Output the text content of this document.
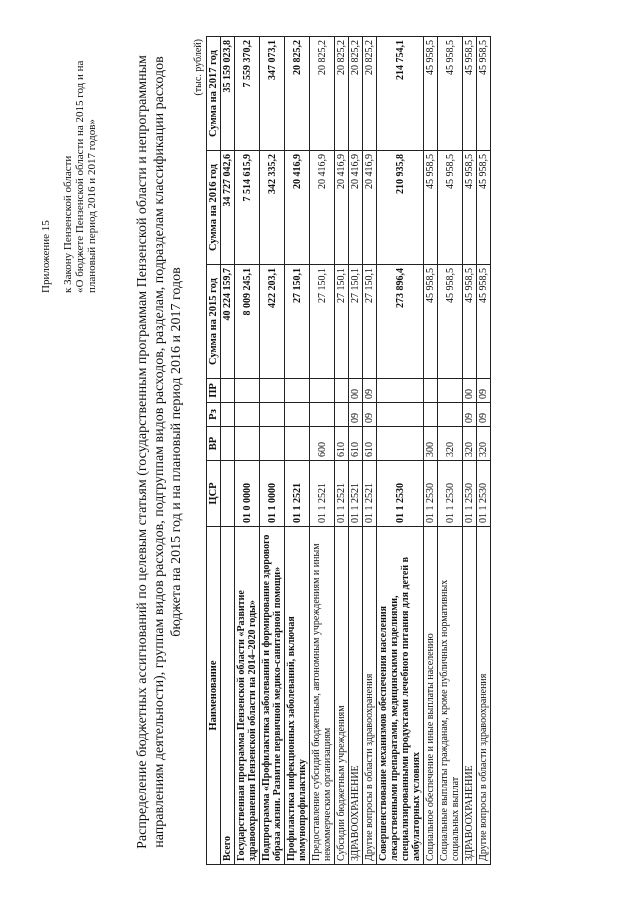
Приложение 15 к Закону Пензенской области «О бюджете Пензенской области на 2015 год и на плановый период 2016 и 2017 годов»	Распределение бюджетных ассигнований по целевым статьям (государственным программам Пензенской области и непрограммным направлениям деятельности), группам видов расходов, подгруппам видов расходов, разделам, подразделам классификации расходов бюджета на 2015 год и на плановый период 2016 и 2017 годов
(тыс. рублей)
Наименование	ЦСР	ВР	Рз	ПР	Сумма на 2015 год	Сумма на 2016 год	Сумма на 2017 год
Всего					40 224 159,7	34 727 042,6	35 159 023,8
Государственная программа Пензенской области «Развитие здравоохранения Пензенской области на 2014–2020 годы»	01 0 0000				8 009 245,1	7 514 615,9	7 559 370,2
Подпрограмма «Профилактика заболеваний и формирование здорового образа жизни. Развитие первичной медико-санитарной помощи»	01 1 0000				422 203,1	342 335,2	347 073,1
Профилактика инфекционных заболеваний, включая иммунопрофилактику	01 1 2521				27 150,1	20 416,9	20 825,2
Предоставление субсидий бюджетным, автономным учреждениям и иным некоммерческим организациям	01 1 2521	600			27 150,1	20 416,9	20 825,2
Субсидии бюджетным учреждениям	01 1 2521	610			27 150,1	20 416,9	20 825,2
ЗДРАВООХРАНЕНИЕ	01 1 2521	610	09	00	27 150,1	20 416,9	20 825,2
Другие вопросы в области здравоохранения	01 1 2521	610	09	09	27 150,1	20 416,9	20 825,2
Совершенствование механизмов обеспечения населения лекарственными препаратами, медицинскими изделиями, специализированными продуктами лечебного питания для детей в амбулаторных условиях	01 1 2530				273 896,4	210 935,8	214 754,1
Социальное обеспечение и иные выплаты населению	01 1 2530	300			45 958,5	45 958,5	45 958,5
Социальные выплаты гражданам, кроме публичных нормативных социальных выплат	01 1 2530	320			45 958,5	45 958,5	45 958,5
ЗДРАВООХРАНЕНИЕ	01 1 2530	320	09	00	45 958,5	45 958,5	45 958,5
Другие вопросы в области здравоохранения	01 1 2530	320	09	09	45 958,5	45 958,5	45 958,5
